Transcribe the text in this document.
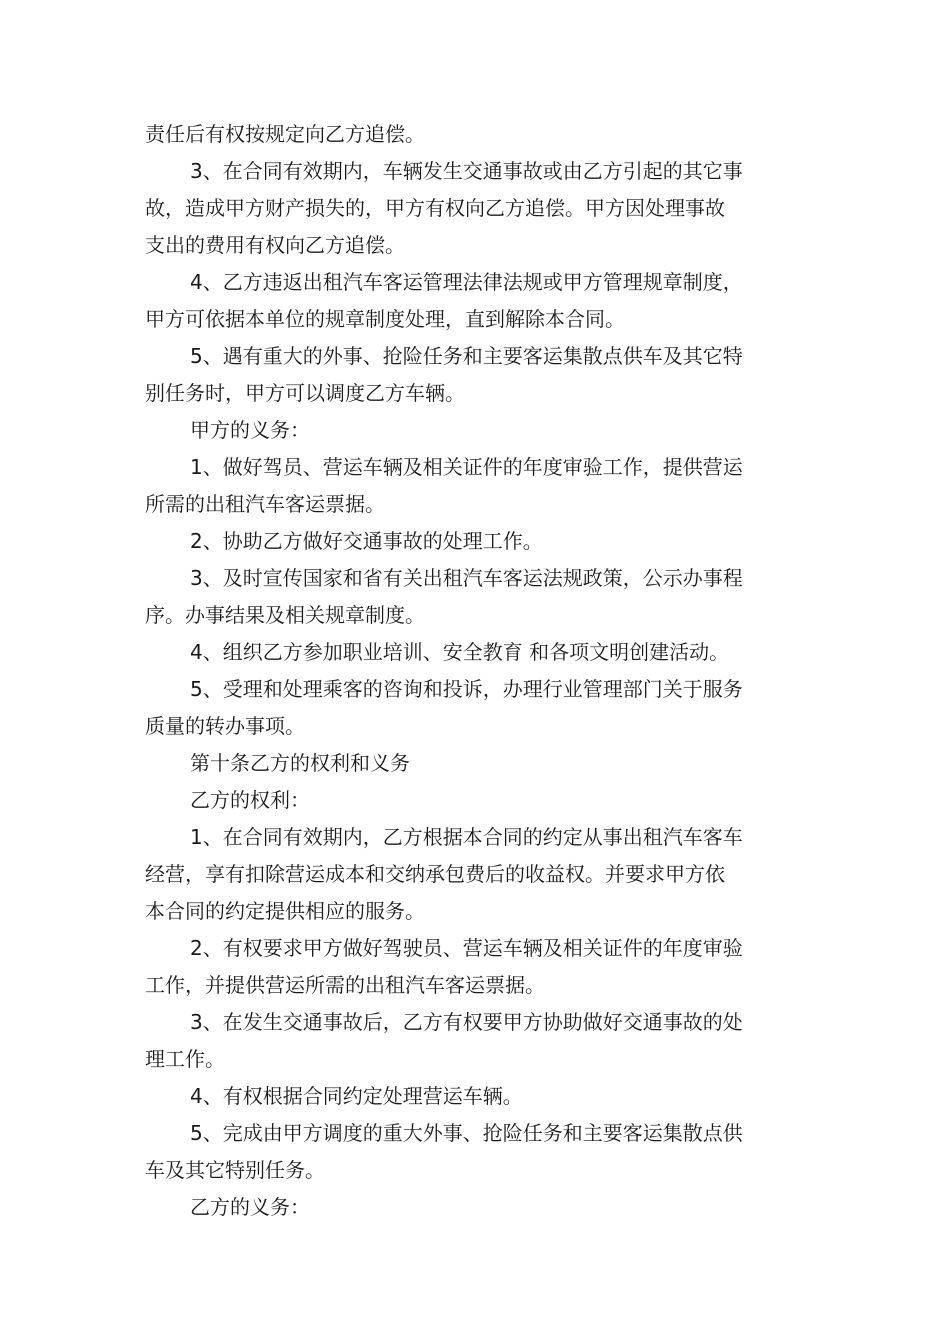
责任后有权按规定向乙方追偿。
3、在合同有效期内，车辆发生交通事故或由乙方引起的其它事
故，造成甲方财产损失的，甲方有权向乙方追偿。甲方因处理事故
支出的费用有权向乙方追偿。
4、乙方违返出租汽车客运管理法律法规或甲方管理规章制度，
甲方可依据本单位的规章制度处理，直到解除本合同。
5、遇有重大的外事、抢险任务和主要客运集散点供车及其它特
别任务时，甲方可以调度乙方车辆。
甲方的义务：
1、做好驾员、营运车辆及相关证件的年度审验工作，提供营运
所需的出租汽车客运票据。
2、协助乙方做好交通事故的处理工作。
3、及时宣传国家和省有关出租汽车客运法规政策，公示办事程
序。办事结果及相关规章制度。
4、组织乙方参加职业培训、安全教育 和各项文明创建活动。
5、受理和处理乘客的咨询和投诉，办理行业管理部门关于服务
质量的转办事项。
第十条乙方的权利和义务
乙方的权利：
1、在合同有效期内，乙方根据本合同的约定从事出租汽车客车
经营，享有扣除营运成本和交纳承包费后的收益权。并要求甲方依
本合同的约定提供相应的服务。
2、有权要求甲方做好驾驶员、营运车辆及相关证件的年度审验
工作，并提供营运所需的出租汽车客运票据。
3、在发生交通事故后，乙方有权要甲方协助做好交通事故的处
理工作。
4、有权根据合同约定处理营运车辆。
5、完成由甲方调度的重大外事、抢险任务和主要客运集散点供
车及其它特别任务。
乙方的义务：
